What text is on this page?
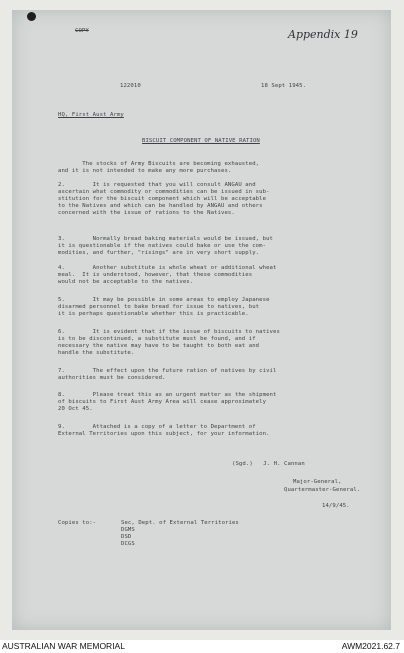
COPY	Appendix 19
122010	18 Sept 1945.
HQ, First Aust Army
BISCUIT COMPONENT OF NATIVE RATION
The stocks of Army Biscuits are becoming exhausted,
and it is not intended to make any more purchases.
2.        It is requested that you will consult ANGAU and
ascertain what commodity or commodities can be issued in sub-
stitution for the biscuit component which will be acceptable
to the Natives and which can be handled by ANGAU and others
concerned with the issue of rations to the Natives.
3.        Normally bread baking materials would be issued, but
it is questionable if the natives could bake or use the com-
modities, and further, "risings" are in very short supply.
4.        Another substitute is whole wheat or additional wheat
meal.  It is understood, however, that these commodities
would not be acceptable to the natives.
5.        It may be possible in some areas to employ Japanese
disarmed personnel to bake bread for issue to natives, but
it is perhaps questionable whether this is practicable.
6.        It is evident that if the issue of biscuits to natives
is to be discontinued, a substitute must be found, and if
necessary the native may have to be taught to both eat and
handle the substitute.
7.        The effect upon the future ration of natives by civil
authorities must be considered.
8.        Please treat this as an urgent matter as the shipment
of biscuits to First Aust Army Area will cease approximately
20 Oct 45.
9.        Attached is a copy of a letter to Department of
External Territories upon this subject, for your information.
(Sgd.)   J. H. Cannan
Major-General,
Quartermaster-General.
14/9/45.
Copies to:-	Sec, Dept. of External Territories
DGMS
DSD
DCGS
AUSTRALIAN WAR MEMORIAL	AWM2021.62.7
